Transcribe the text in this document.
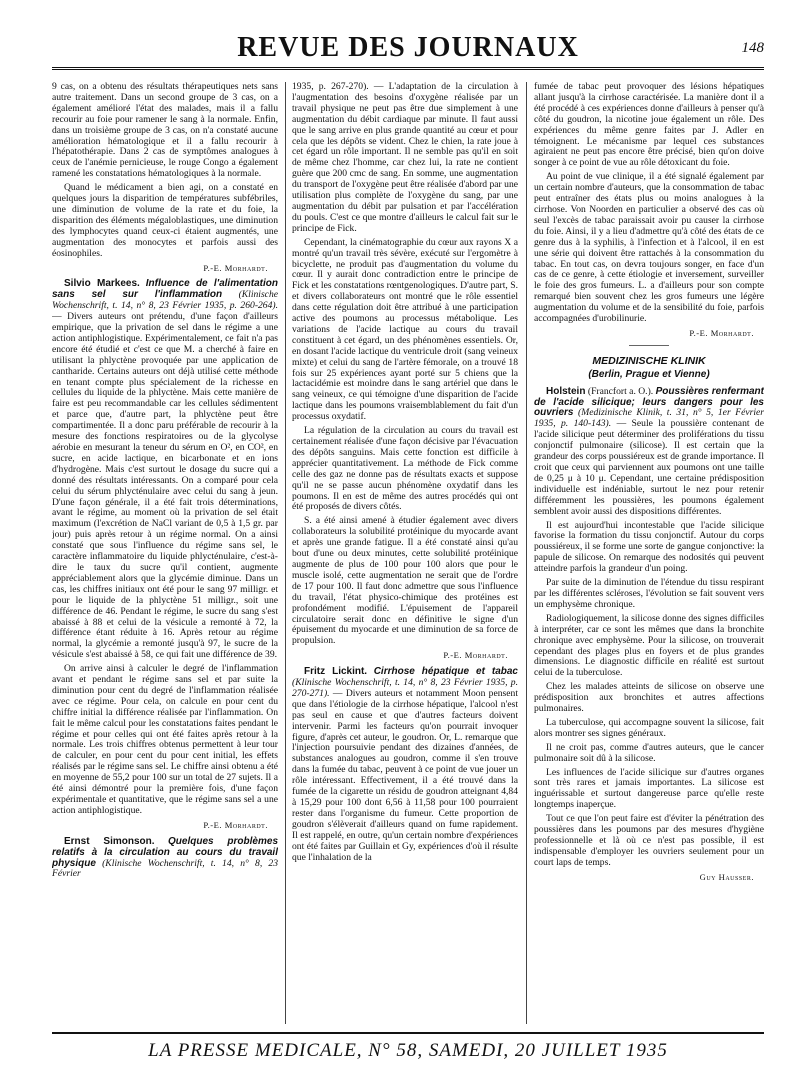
REVUE DES JOURNAUX	148

9 cas, on a obtenu des résultats thérapeutiques nets sans autre traitement. Dans un second groupe de 3 cas, on a également amélioré l'état des malades, mais il a fallu recourir au foie pour ramener le sang à la normale. Enfin, dans un troisième groupe de 3 cas, on n'a constaté aucune amélioration hématologique et il a fallu recourir à l'hépatothérapie. Dans 2 cas de symptômes analogues à ceux de l'anémie pernicieuse, le rouge Congo a également ramené les constatations hématologiques à la normale.

Quand le médicament a bien agi, on a constaté en quelques jours la disparition de températures subfébriles, une diminution de volume de la rate et du foie, la disparition des éléments mégaloblastiques, une diminution des lymphocytes quand ceux-ci étaient augmentés, une augmentation des monocytes et parfois aussi des éosinophiles.

P.-E. Morhardt.

Silvio Markees. Influence de l'alimentation sans sel sur l'inflammation (Klinische Wochenschrift, t. 14, n° 8, 23 Février 1935, p. 260-264). — Divers auteurs ont prétendu, d'une façon d'ailleurs empirique, que la privation de sel dans le régime a une action antiphlogistique. Expérimentalement, ce fait n'a pas encore été étudié et c'est ce que M. a cherché à faire en utilisant la phlyctène provoquée par une application de cantharide. Certains auteurs ont déjà utilisé cette méthode en tenant compte plus spécialement de la richesse en cellules du liquide de la phlyctène. Mais cette manière de faire est peu recommandable car les cellules sédimentent et parce que, d'autre part, la phlyctène peut être compartimentée. Il a donc paru préférable de recourir à la mesure des fonctions respiratoires ou de la glycolyse aérobie en mesurant la teneur du sérum en O², en CO², en sucre, en acide lactique, en bicarbonate et en ions d'hydrogène. Mais c'est surtout le dosage du sucre qui a donné des résultats intéressants. On a comparé pour cela celui du sérum phlycténulaire avec celui du sang à jeun. D'une façon générale, il a été fait trois déterminations, avant le régime, au moment où la privation de sel était maximum (l'excrétion de NaCl variant de 0,5 à 1,5 gr. par jour) puis après retour à un régime normal. On a ainsi constaté que sous l'influence du régime sans sel, le caractère inflammatoire du liquide phlycténulaire, c'est-à-dire le taux du sucre qu'il contient, augmente appréciablement alors que la glycémie diminue. Dans un cas, les chiffres initiaux ont été pour le sang 97 milligr. et pour le liquide de la phlyctène 51 milligr., soit une différence de 46. Pendant le régime, le sucre du sang s'est abaissé à 88 et celui de la vésicule a remonté à 72, la différence étant réduite à 16. Après retour au régime normal, la glycémie a remonté jusqu'à 97, le sucre de la vésicule s'est abaissé à 58, ce qui fait une différence de 39.

On arrive ainsi à calculer le degré de l'inflammation avant et pendant le régime sans sel et par suite la diminution pour cent du degré de l'inflammation réalisée avec ce régime. Pour cela, on calcule en pour cent du chiffre initial la différence réalisée par l'inflammation. On fait le même calcul pour les constatations faites pendant le régime et pour celles qui ont été faites après retour à la normale. Les trois chiffres obtenus permettent à leur tour de calculer, en pour cent du pour cent initial, les effets réalisés par le régime sans sel. Le chiffre ainsi obtenu a été en moyenne de 55,2 pour 100 sur un total de 27 sujets. Il a été ainsi démontré pour la première fois, d'une façon expérimentale et quantitative, que le régime sans sel a une action antiphlogistique.

P.-E. Morhardt.

Ernst Simonson. Quelques problèmes relatifs à la circulation au cours du travail physique (Klinische Wochenschrift, t. 14, n° 8, 23 Février

1935, p. 267-270). — L'adaptation de la circulation à l'augmentation des besoins d'oxygène réalisée par un travail physique ne peut pas être due simplement à une augmentation du débit cardiaque par minute. Il faut aussi que le sang arrive en plus grande quantité au cœur et pour cela que les dépôts se vident. Chez le chien, la rate joue à cet égard un rôle important. Il ne semble pas qu'il en soit de même chez l'homme, car chez lui, la rate ne contient guère que 200 cmc de sang. En somme, une augmentation du transport de l'oxygène peut être réalisée d'abord par une utilisation plus complète de l'oxygène du sang, par une augmentation du débit par pulsation et par l'accélération du pouls. C'est ce que montre d'ailleurs le calcul fait sur le principe de Fick.

Cependant, la cinématographie du cœur aux rayons X a montré qu'un travail très sévère, exécuté sur l'ergomètre à bicyclette, ne produit pas d'augmentation du volume du cœur. Il y aurait donc contradiction entre le principe de Fick et les constatations rœntgenologiques. D'autre part, S. et divers collaborateurs ont montré que le rôle essentiel dans cette régulation doit être attribué à une participation active des poumons au processus métabolique. Les variations de l'acide lactique au cours du travail constituent à cet égard, un des phénomènes essentiels. Or, en dosant l'acide lactique du ventricule droit (sang veineux mixte) et celui du sang de l'artère fémorale, on a trouvé 18 fois sur 25 expériences ayant porté sur 5 chiens que la lactacidémie est moindre dans le sang artériel que dans le sang veineux, ce qui témoigne d'une disparition de l'acide lactique dans les poumons vraisemblablement du fait d'un processus oxydatif.

La régulation de la circulation au cours du travail est certainement réalisée d'une façon décisive par l'évacuation des dépôts sanguins. Mais cette fonction est difficile à apprécier quantitativement. La méthode de Fick comme celle des gaz ne donne pas de résultats exacts et suppose qu'il ne se passe aucun phénomène oxydatif dans les poumons. Il en est de même des autres procédés qui ont été proposés de divers côtés.

S. a été ainsi amené à étudier également avec divers collaborateurs la solubilité protéinique du myocarde avant et après une grande fatigue. Il a été constaté ainsi qu'au bout d'une ou deux minutes, cette solubilité protéinique augmente de plus de 100 pour 100 alors que pour le muscle isolé, cette augmentation ne serait que de l'ordre de 17 pour 100. Il faut donc admettre que sous l'influence du travail, l'état physico-chimique des protéines est profondément modifié. L'épuisement de l'appareil circulatoire serait donc en définitive le signe d'un épuisement du myocarde et une diminution de sa force de propulsion.

P.-E. Morhardt.

Fritz Lickint. Cirrhose hépatique et tabac (Klinische Wochenschrift, t. 14, n° 8, 23 Février 1935, p. 270-271). — Divers auteurs et notamment Moon pensent que dans l'étiologie de la cirrhose hépatique, l'alcool n'est pas seul en cause et que d'autres facteurs doivent intervenir. Parmi les facteurs qu'on pourrait invoquer figure, d'après cet auteur, le goudron. Or, L. remarque que l'injection poursuivie pendant des dizaines d'années, de substances analogues au goudron, comme il s'en trouve dans la fumée du tabac, peuvent à ce point de vue jouer un rôle intéressant. Effectivement, il a été trouvé dans la fumée de la cigarette un résidu de goudron atteignant 4,84 à 15,29 pour 100 dont 6,56 à 11,58 pour 100 pourraient rester dans l'organisme du fumeur. Cette proportion de goudron s'élèverait d'ailleurs quand on fume rapidement. Il est rappelé, en outre, qu'un certain nombre d'expériences ont été faites par Guillain et Gy, expériences d'où il résulte que l'inhalation de la

fumée de tabac peut provoquer des lésions hépatiques allant jusqu'à la cirrhose caractérisée. La manière dont il a été procédé à ces expériences donne d'ailleurs à penser qu'à côté du goudron, la nicotine joue également un rôle. Des expériences du même genre faites par J. Adler en témoignent. Le mécanisme par lequel ces substances agiraient ne peut pas encore être précisé, bien qu'on doive songer à ce point de vue au rôle détoxicant du foie.

Au point de vue clinique, il a été signalé également par un certain nombre d'auteurs, que la consommation de tabac peut entraîner des états plus ou moins analogues à la cirrhose. Von Noorden en particulier a observé des cas où seul l'excès de tabac paraissait avoir pu causer la cirrhose du foie. Ainsi, il y a lieu d'admettre qu'à côté des états de ce genre dus à la syphilis, à l'infection et à l'alcool, il en est une série qui doivent être rattachés à la consommation du tabac. En tout cas, on devra toujours songer, en face d'un cas de ce genre, à cette étiologie et inversement, surveiller le foie des gros fumeurs. L. a d'ailleurs pour son compte remarqué bien souvent chez les gros fumeurs une légère augmentation du volume et de la sensibilité du foie, parfois accompagnées d'urobilinurie.

P.-E. Morhardt.
MEDIZINISCHE KLINIK
(Berlin, Prague et Vienne)

Holstein (Francfort a. O.). Poussières renfermant de l'acide silicique; leurs dangers pour les ouvriers (Medizinische Klinik, t. 31, n° 5, 1er Février 1935, p. 140-143). — Seule la poussière contenant de l'acide silicique peut déterminer des proliférations du tissu conjonctif pulmonaire (silicose). Il est certain que la grandeur des corps poussiéreux est de grande importance. Il croit que ceux qui parviennent aux poumons ont une taille de 0,25 μ à 10 μ. Cependant, une certaine prédisposition individuelle est indéniable, surtout le nez pour retenir différemment les poussières, les poumons également semblent avoir aussi des dispositions différentes.

Il est aujourd'hui incontestable que l'acide silicique favorise la formation du tissu conjonctif. Autour du corps poussiéreux, il se forme une sorte de gangue conjonctive: la papule de silicose. On remarque des nodosités qui peuvent atteindre parfois la grandeur d'un poing.

Par suite de la diminution de l'étendue du tissu respirant par les différentes scléroses, l'évolution se fait souvent vers un emphysème chronique.

Radiologiquement, la silicose donne des signes difficiles à interpréter, car ce sont les mêmes que dans la bronchite chronique avec emphysème. Pour la silicose, on trouverait cependant des plages plus en foyers et de plus grandes dimensions. Le diagnostic difficile en réalité est surtout celui de la tuberculose.

Chez les malades atteints de silicose on observe une prédisposition aux bronchites et autres affections pulmonaires.

La tuberculose, qui accompagne souvent la silicose, fait alors montrer ses signes généraux.

Il ne croit pas, comme d'autres auteurs, que le cancer pulmonaire soit dû à la silicose.

Les influences de l'acide silicique sur d'autres organes sont très rares et jamais importantes. La silicose est inguérissable et surtout dangereuse parce qu'elle reste longtemps inaperçue.

Tout ce que l'on peut faire est d'éviter la pénétration des poussières dans les poumons par des mesures d'hygiène professionnelle et là où ce n'est pas possible, il est indispensable d'employer les ouvriers seulement pour un court laps de temps.

Guy Hausser.
LA PRESSE MEDICALE, N° 58, SAMEDI, 20 JUILLET 1935
